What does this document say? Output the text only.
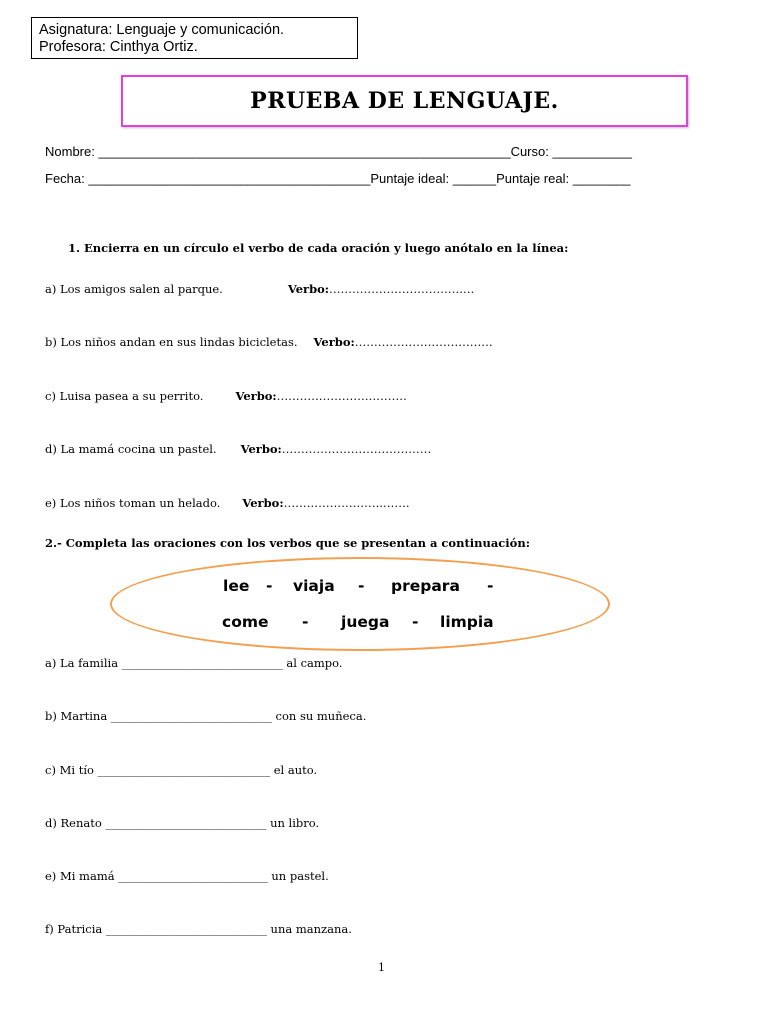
Asignatura: Lenguaje y comunicación.
Profesora: Cinthya Ortiz.
PRUEBA DE LENGUAJE.
Nombre: _________________________________________________________Curso: ___________
Fecha: _______________________________________Puntaje ideal: ______Puntaje real: ________
1. Encierra en un círculo el verbo de cada oración y luego anótalo en la línea:
a) Los amigos salen al parque.	Verbo:……………………………..…
b) Los niños andan en sus lindas bicicletas. Verbo:………………………………
c) Luisa pasea a su perrito.	Verbo:…………………….………
d) La mamá cocina un pastel. Verbo:…………………………………
e) Los niños toman un helado. Verbo:……………………..…….
2.- Completa las oraciones con los verbos que se presentan a continuación:
lee - viaja - prepara -
come - juega - limpia
a) La familia ____________________________ al campo.
b) Martina ____________________________ con su muñeca.
c) Mi tío ______________________________ el auto.
d) Renato ____________________________ un libro.
e) Mi mamá __________________________ un pastel.
f) Patricia ____________________________ una manzana.
1
